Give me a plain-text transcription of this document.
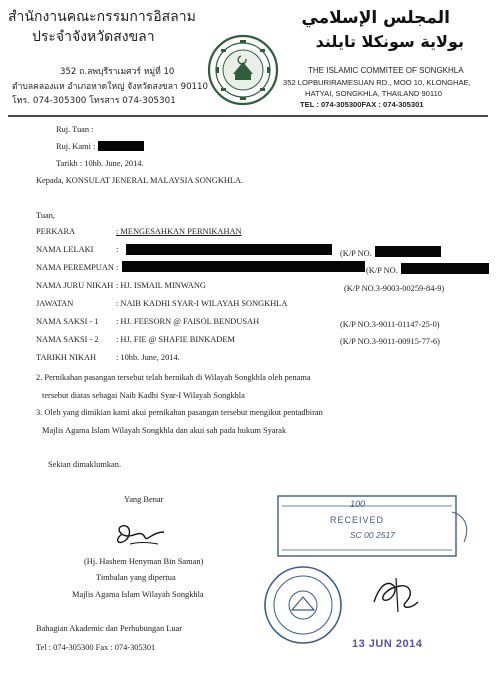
สำนักงานคณะกรรมการอิสลาม
ประจำจังหวัดสงขลา
352 ถ.ลพบุรีราเมศวร์ หมู่ที่ 10
ตำบลคลองแห อำเภอหาดใหญ่ จังหวัดสงขลา 90110
โทร. 074-305300 โทรสาร 074-305301
المجلس الإسلامي
بولاية سونكلا تايلند
THE ISLAMIC COMMITEE OF SONGKHLA
352 LOPBURIRAMESUAN RD., MOO 10, KLONGHAE,
HATYAI, SONGKHLA, THAILAND 90110
TEL : 074-305300FAX : 074-305301
Ruj. Tuan :
Ruj. Kami :
Tarikh : 10hb. June, 2014.
Kepada, KONSULAT JENERAL MALAYSIA SONGKHLA.
Tuan,
PERKARA	: MENGESAHKAN PERNIKAHAN
NAMA LELAKI	:	(K/P NO.
NAMA PEREMPUAN :	(K/P NO.
NAMA JURU NIKAH : HJ. ISMAIL MINWANG	(K/P NO.3-9003-00259-84-9)
JAWATAN	: NAIB KADHI SYAR-I WILAYAH SONGKHLA
NAMA SAKSI - 1 : HJ. FEESORN @ FAISOL BENDUSAH	(K/P NO.3-9011-01147-25-0)
NAMA SAKSI - 2 : HJ. FIE @ SHAFIE BINKADEM	(K/P NO.3-9011-00915-77-6)
TARIKH NIKAH : 10hb. June, 2014.
2. Pernikahan pasangan tersebut telah bernikah di Wilayah Songkhla oleh penama
tersebut diatas sebagai Naib Kadhi Syar-I Wilayah Songkhla
3. Oleh yang dimikian kami akui pernikahan pasangan tersebut mengikut pentadbiran
Majlis Agama Islam Wilayah Songkhla dan akui sah pada hukum Syarak
Sekian dimaklumkan.
Yang Benar
(Hj. Hashem Henyman Bin Saman)
Timbalan yang dipertua
Majlis Agama Islam Wilayah Songkhla
Bahagian Akademic dan Perhubungan Luar
Tel : 074-305300 Fax : 074-305301
100
RECEIVED
SC 00 2517
13 JUN 2014
